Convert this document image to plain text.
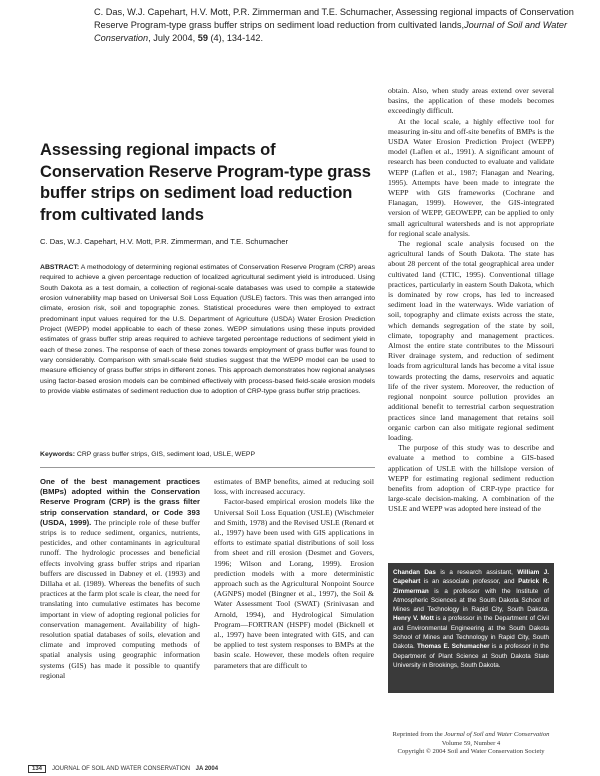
C. Das, W.J. Capehart, H.V. Mott, P.R. Zimmerman and T.E. Schumacher, Assessing regional impacts of Conservation Reserve Program-type grass buffer strips on sediment load reduction from cultivated lands,Journal of Soil and Water Conservation, July 2004, 59 (4), 134-142.
Assessing regional impacts of Conservation Reserve Program-type grass buffer strips on sediment load reduction from cultivated lands
C. Das, W.J. Capehart, H.V. Mott, P.R. Zimmerman, and T.E. Schumacher
ABSTRACT: A methodology of determining regional estimates of Conservation Reserve Program (CRP) areas required to achieve a given percentage reduction of localized agricultural sediment yield is introduced. Using South Dakota as a test domain, a collection of regional-scale databases was used to compile a statewide erosion vulnerability map based on Universal Soil Loss Equation (USLE) factors. This was then arranged into climate, erosion risk, soil and topographic zones. Statistical procedures were then employed to extract predominant input values required for the U.S. Department of Agriculture (USDA) Water Erosion Prediction Project (WEPP) model applicable to each of these zones. WEPP simulations using these inputs provided estimates of grass buffer strip areas required to achieve targeted percentage reductions of sediment yield in each of these zones. The response of each of these zones towards employment of grass buffer was found to vary considerably. Comparison with small-scale field studies suggest that the WEPP model can be used to measure efficiency of grass buffer strips in different zones. This approach demonstrates how regional analyses using factor-based erosion models can be combined effectively with process-based field-scale erosion models to provide viable estimates of sediment reduction due to adoption of CRP-type grass buffer strip practices.
Keywords: CRP grass buffer strips, GIS, sediment load, USLE, WEPP

One of the best management practices (BMPs) adopted within the Conservation Reserve Program (CRP) is the grass filter strip conservation standard, or Code 393 (USDA, 1999). The principle role of these buffer strips is to reduce sediment, organics, nutrients, pesticides, and other contaminants in agricultural runoff. The hydrologic processes and beneficial effects involving grass buffer strips and riparian buffers are discussed in Dabney et el. (1993) and Dillaha et al. (1989). Whereas the benefits of such practices at the farm plot scale is clear, the need for translating into cumulative estimates has become important in view of adopting regional policies for conservation management. Availability of high-resolution spatial databases of soils, elevation and climate and improved computing methods of spatial analysis using geographic information systems (GIS) has made it possible to quantify regional

estimates of BMP benefits, aimed at reducing soil loss, with increased accuracy.

Factor-based empirical erosion models like the Universal Soil Loss Equation (USLE) (Wischmeier and Smith, 1978) and the Revised USLE (Renard et al., 1997) have been used with GIS applications in efforts to estimate spatial distributions of soil loss from sheet and rill erosion (Desmet and Govers, 1996; Wilson and Lorang, 1999). Erosion prediction models with a more deterministic approach such as the Agricultural Nonpoint Source (AGNPS) model (Bingner et al., 1997), the Soil & Water Assessment Tool (SWAT) (Srinivasan and Arnold, 1994), and Hydrological Simulation Program—FORTRAN (HSPF) model (Bicknell et al., 1997) have been integrated with GIS, and can be applied to test system responses to BMPs at the basin scale. However, these models often require parameters that are difficult to

obtain. Also, when study areas extend over several basins, the application of these models becomes exceedingly difficult.

At the local scale, a highly effective tool for measuring in-situ and off-site benefits of BMPs is the USDA Water Erosion Prediction Project (WEPP) model (Laflen et al., 1991). A significant amount of research has been conducted to evaluate and validate WEPP (Laflen et al., 1987; Flanagan and Nearing, 1995). Attempts have been made to integrate the WEPP with GIS frameworks (Cochrane and Flanagan, 1999). However, the GIS-integrated version of WEPP, GEOWEPP, can be applied to only small agricultural watersheds and is not appropriate for regional scale analysis.

The regional scale analysis focused on the agricultural lands of South Dakota. The state has about 28 percent of the total geographical area under cultivated land (CTIC, 1995). Conventional tillage practices, particularly in eastern South Dakota, which is dominated by row crops, has led to increased sediment load in the waterways. Wide variation of soil, topography and climate exists across the state, which demands segregation of the state by soil, climate, topography and management practices. Almost the entire state contributes to the Missouri River drainage system, and reduction of sediment loads from agricultural lands has become a vital issue towards protecting the dams, reservoirs and aquatic life of the river system. Moreover, the reduction of regional nonpoint source pollution provides an additional benefit to terrestrial carbon sequestration practices since land management that retains soil organic carbon can also mitigate regional sediment loading.

The purpose of this study was to describe and evaluate a method to combine a GIS-based application of USLE with the hillslope version of WEPP for estimating regional sediment reduction benefits from adoption of CRP-type practice for large-scale decision-making. A combination of the USLE and WEPP was adopted here instead of the

Chandan Das is a research assistant, William J. Capehart is an associate professor, and Patrick R. Zimmerman is a professor with the Institute of Atmospheric Sciences at the South Dakota School of Mines and Technology in Rapid City, South Dakota. Henry V. Mott is a professor in the Department of Civil and Environmental Engineering at the South Dakota School of Mines and Technology in Rapid City, South Dakota. Thomas E. Schumacher is a professor in the Department of Plant Science at South Dakota State University in Brookings, South Dakota.
Reprinted from the Journal of Soil and Water Conservation
Volume 59, Number 4
Copyright © 2004 Soil and Water Conservation Society
134	JOURNAL OF SOIL AND WATER CONSERVATION
JA 2004
